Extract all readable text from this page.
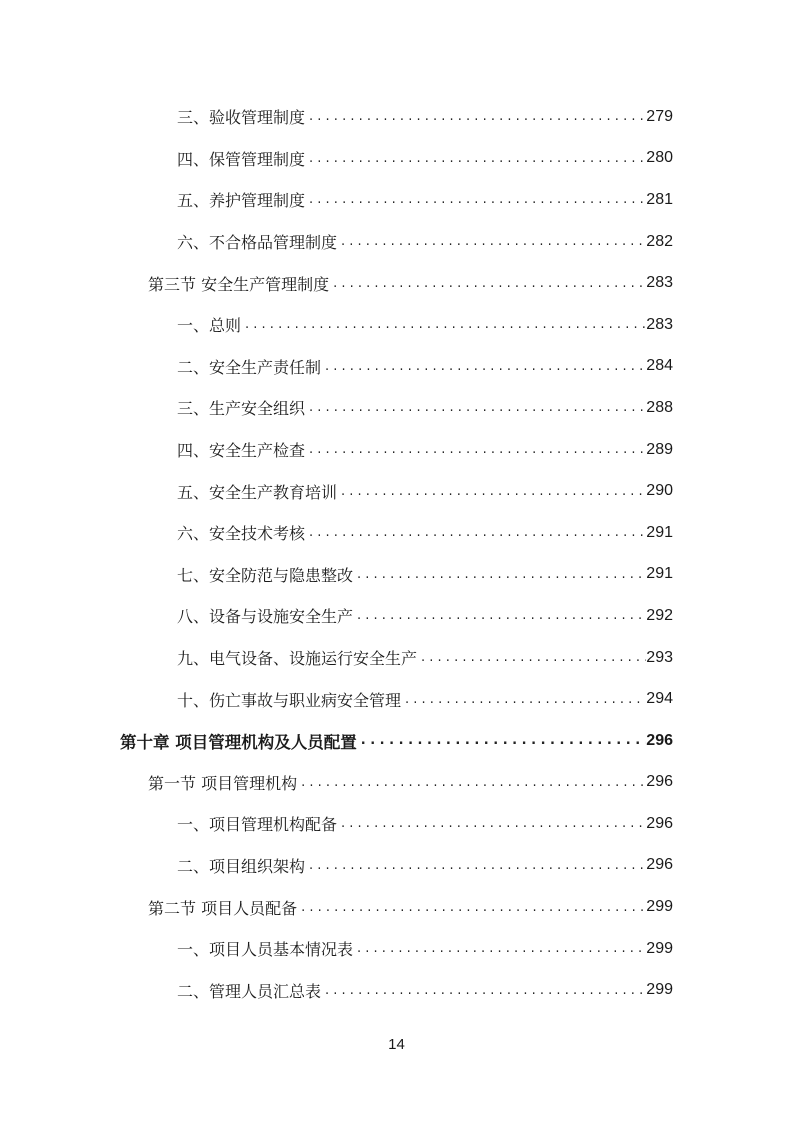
三、验收管理制度 . . .	279
四、保管管理制度 . . .	280
五、养护管理制度 . . .	281
六、不合格品管理制度 . . .	282
第三节 安全生产管理制度 . . .	283
一、总则 . . .	283
二、安全生产责任制 . . .	284
三、生产安全组织 . . .	288
四、安全生产检查 . . .	289
五、安全生产教育培训 . . .	290
六、安全技术考核 . . .	291
七、安全防范与隐患整改 . . .	291
八、设备与设施安全生产 . . .	292
九、电气设备、设施运行安全生产 . . .	293
十、伤亡事故与职业病安全管理 . . .	294
第十章 项目管理机构及人员配置 . . .	296
第一节 项目管理机构 . . .	296
一、项目管理机构配备 . . .	296
二、项目组织架构 . . .	296
第二节 项目人员配备 . . .	299
一、项目人员基本情况表 . . .	299
二、管理人员汇总表 . . .	299
14
